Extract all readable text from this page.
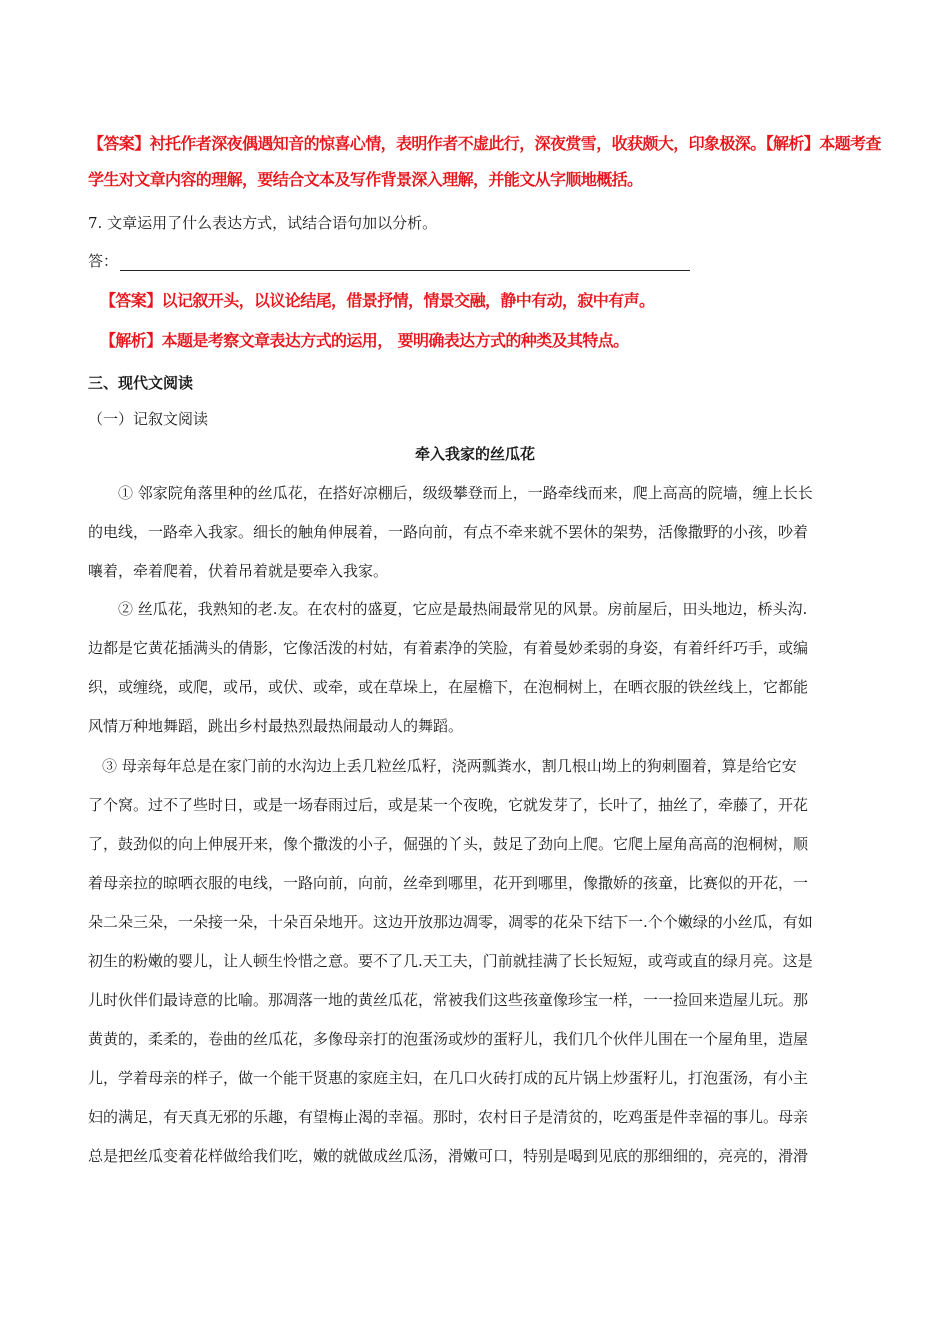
【答案】衬托作者深夜偶遇知音的惊喜心情，表明作者不虚此行，深夜赏雪，收获颇大，印象极深。【解析】本题考查

学生对文章内容的理解，要结合文本及写作背景深入理解，并能文从字顺地概括。

7. 文章运用了什么表达方式，试结合语句加以分析。
答：
【答案】以记叙开头，以议论结尾，借景抒情，情景交融，静中有动，寂中有声。
【解析】本题是考察文章表达方式的运用， 要明确表达方式的种类及其特点。
三、现代文阅读
（一）记叙文阅读
牵入我家的丝瓜花
① 邻家院角落里种的丝瓜花，在搭好凉棚后，级级攀登而上，一路牵线而来，爬上高高的院墙，缠上长长
的电线，一路牵入我家。细长的触角伸展着，一路向前，有点不牵来就不罢休的架势，活像撒野的小孩，吵着
嚷着，牵着爬着，伏着吊着就是要牵入我家。
② 丝瓜花，我熟知的老.友。在农村的盛夏，它应是最热闹最常见的风景。房前屋后，田头地边，桥头沟.
边都是它黄花插满头的倩影，它像活泼的村姑，有着素净的笑脸，有着曼妙柔弱的身姿，有着纤纤巧手，或编
织，或缠绕，或爬，或吊，或伏、或牵，或在草垛上，在屋檐下，在泡桐树上，在晒衣服的铁丝线上，它都能
风情万种地舞蹈，跳出乡村最热烈最热闹最动人的舞蹈。
③ 母亲每年总是在家门前的水沟边上丢几粒丝瓜籽，浇两瓢粪水，割几根山坳上的狗刺圈着，算是给它安
了个窝。过不了些时日，或是一场春雨过后，或是某一个夜晚，它就发芽了，长叶了，抽丝了，牵藤了，开花
了，鼓劲似的向上伸展开来，像个撒泼的小子，倔强的丫头，鼓足了劲向上爬。它爬上屋角高高的泡桐树，顺
着母亲拉的晾晒衣服的电线，一路向前，向前，丝牵到哪里，花开到哪里，像撒娇的孩童，比赛似的开花，一
朵二朵三朵，一朵接一朵，十朵百朵地开。这边开放那边凋零，凋零的花朵下结下一.个个嫩绿的小丝瓜，有如
初生的粉嫩的婴儿，让人顿生怜惜之意。要不了几.天工夫，门前就挂满了长长短短，或弯或直的绿月亮。这是
儿时伙伴们最诗意的比喻。那凋落一地的黄丝瓜花，常被我们这些孩童像珍宝一样，一一捡回来造屋儿玩。那
黄黄的，柔柔的，卷曲的丝瓜花，多像母亲打的泡蛋汤或炒的蛋籽儿，我们几个伙伴儿围在一个屋角里，造屋
儿，学着母亲的样子，做一个能干贤惠的家庭主妇，在几口火砖打成的瓦片锅上炒蛋籽儿，打泡蛋汤，有小主
妇的满足，有天真无邪的乐趣，有望梅止渴的幸福。那时，农村日子是清贫的，吃鸡蛋是件幸福的事儿。母亲
总是把丝瓜变着花样做给我们吃，嫩的就做成丝瓜汤，滑嫩可口，特别是喝到见底的那细细的，亮亮的，滑滑
